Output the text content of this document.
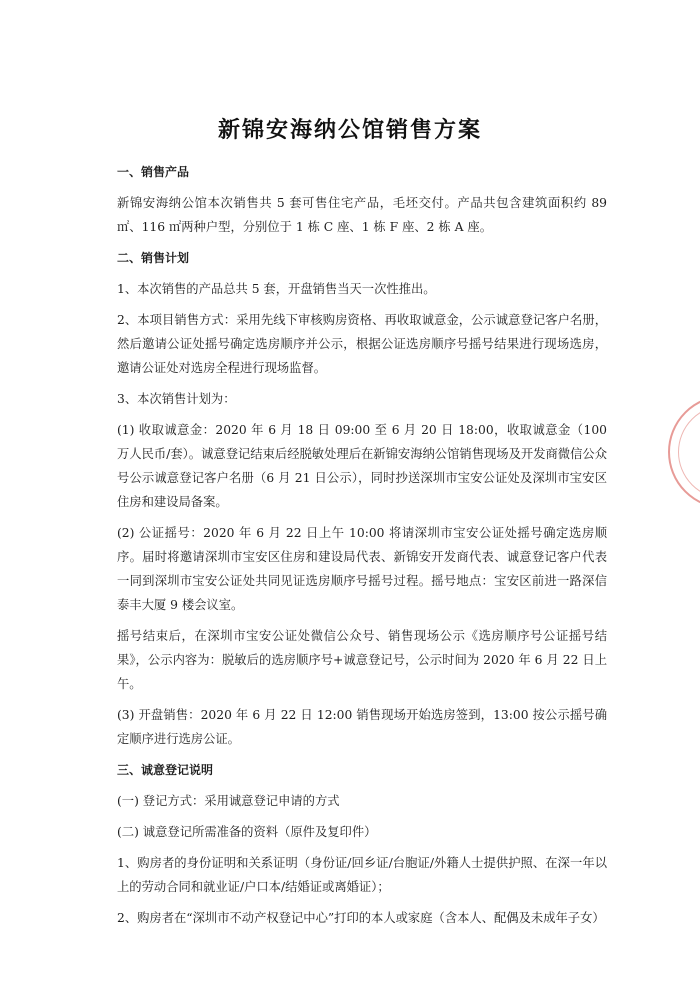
新锦安海纳公馆销售方案

一、销售产品

新锦安海纳公馆本次销售共 5 套可售住宅产品，毛坯交付。产品共包含建筑面积约 89 ㎡、116 ㎡两种户型，分别位于 1 栋 C 座、1 栋 F 座、2 栋 A 座。

二、销售计划

1、本次销售的产品总共 5 套，开盘销售当天一次性推出。

2、本项目销售方式：采用先线下审核购房资格、再收取诚意金，公示诚意登记客户名册，然后邀请公证处摇号确定选房顺序并公示，根据公证选房顺序号摇号结果进行现场选房，邀请公证处对选房全程进行现场监督。

3、本次销售计划为：

(1) 收取诚意金：2020 年 6 月 18 日 09:00 至 6 月 20 日 18:00，收取诚意金（100 万人民币/套）。诚意登记结束后经脱敏处理后在新锦安海纳公馆销售现场及开发商微信公众号公示诚意登记客户名册（6 月 21 日公示），同时抄送深圳市宝安公证处及深圳市宝安区住房和建设局备案。

(2) 公证摇号：2020 年 6 月 22 日上午 10:00 将请深圳市宝安公证处摇号确定选房顺序。届时将邀请深圳市宝安区住房和建设局代表、新锦安开发商代表、诚意登记客户代表一同到深圳市宝安公证处共同见证选房顺序号摇号过程。摇号地点：宝安区前进一路深信泰丰大厦 9 楼会议室。

摇号结束后，在深圳市宝安公证处微信公众号、销售现场公示《选房顺序号公证摇号结果》，公示内容为：脱敏后的选房顺序号+诚意登记号，公示时间为 2020 年 6 月 22 日上午。

(3) 开盘销售：2020 年 6 月 22 日 12:00 销售现场开始选房签到，13:00 按公示摇号确定顺序进行选房公证。

三、诚意登记说明

(一) 登记方式：采用诚意登记申请的方式

(二) 诚意登记所需准备的资料（原件及复印件）

1、购房者的身份证明和关系证明（身份证/回乡证/台胞证/外籍人士提供护照、在深一年以上的劳动合同和就业证/户口本/结婚证或离婚证）；

2、购房者在“深圳市不动产权登记中心”打印的本人或家庭（含本人、配偶及未成年子女）
